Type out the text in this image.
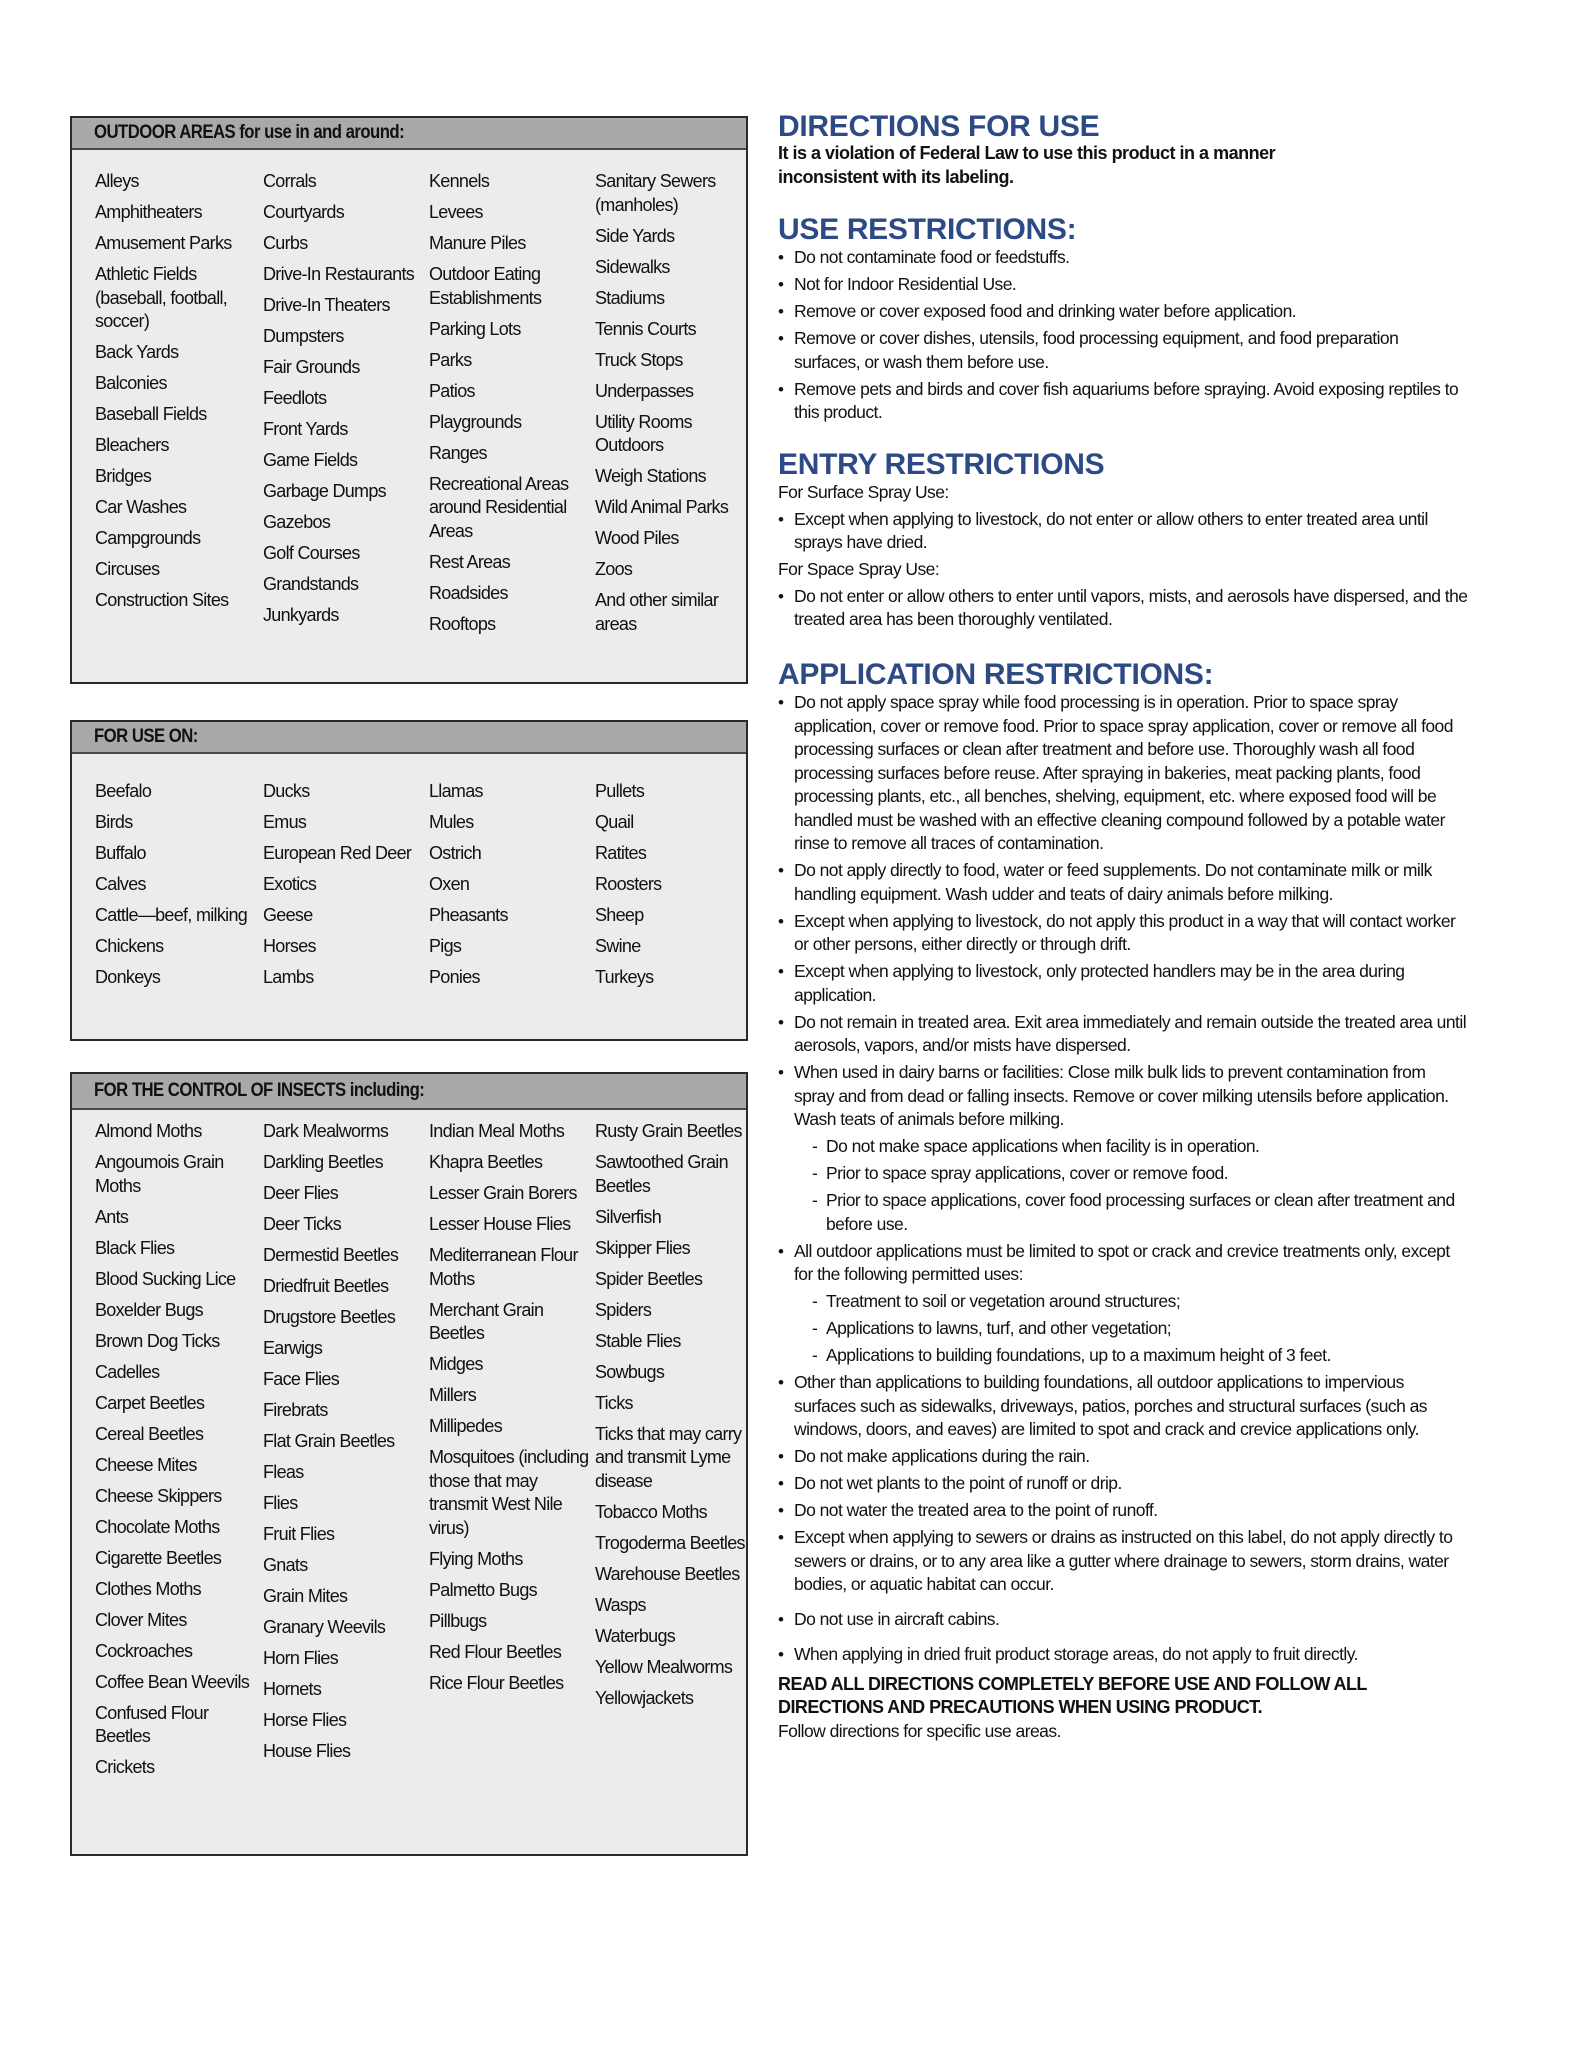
OUTDOOR AREAS for use in and around:
Alleys
Amphitheaters
Amusement Parks
Athletic Fields (baseball, football, soccer)
Back Yards
Balconies
Baseball Fields
Bleachers
Bridges
Car Washes
Campgrounds
Circuses
Construction Sites
Corrals
Courtyards
Curbs
Drive-In Restaurants
Drive-In Theaters
Dumpsters
Fair Grounds
Feedlots
Front Yards
Game Fields
Garbage Dumps
Gazebos
Golf Courses
Grandstands
Junkyards
Kennels
Levees
Manure Piles
Outdoor Eating Establishments
Parking Lots
Parks
Patios
Playgrounds
Ranges
Recreational Areas around Residential Areas
Rest Areas
Roadsides
Rooftops
Sanitary Sewers (manholes)
Side Yards
Sidewalks
Stadiums
Tennis Courts
Truck Stops
Underpasses
Utility Rooms Outdoors
Weigh Stations
Wild Animal Parks
Wood Piles
Zoos
And other similar areas
FOR USE ON:
Beefalo
Birds
Buffalo
Calves
Cattle—beef, milking
Chickens
Donkeys
Ducks
Emus
European Red Deer
Exotics
Geese
Horses
Lambs
Llamas
Mules
Ostrich
Oxen
Pheasants
Pigs
Ponies
Pullets
Quail
Ratites
Roosters
Sheep
Swine
Turkeys
FOR THE CONTROL OF INSECTS including:
Almond Moths
Angoumois Grain Moths
Ants
Black Flies
Blood Sucking Lice
Boxelder Bugs
Brown Dog Ticks
Cadelles
Carpet Beetles
Cereal Beetles
Cheese Mites
Cheese Skippers
Chocolate Moths
Cigarette Beetles
Clothes Moths
Clover Mites
Cockroaches
Coffee Bean Weevils
Confused Flour Beetles
Crickets
Dark Mealworms
Darkling Beetles
Deer Flies
Deer Ticks
Dermestid Beetles
Driedfruit Beetles
Drugstore Beetles
Earwigs
Face Flies
Firebrats
Flat Grain Beetles
Fleas
Flies
Fruit Flies
Gnats
Grain Mites
Granary Weevils
Horn Flies
Hornets
Horse Flies
House Flies
Indian Meal Moths
Khapra Beetles
Lesser Grain Borers
Lesser House Flies
Mediterranean Flour Moths
Merchant Grain Beetles
Midges
Millers
Millipedes
Mosquitoes (including those that may transmit West Nile virus)
Flying Moths
Palmetto Bugs
Pillbugs
Red Flour Beetles
Rice Flour Beetles
Rusty Grain Beetles
Sawtoothed Grain Beetles
Silverfish
Skipper Flies
Spider Beetles
Spiders
Stable Flies
Sowbugs
Ticks
Ticks that may carry and transmit Lyme disease
Tobacco Moths
Trogoderma Beetles
Warehouse Beetles
Wasps
Waterbugs
Yellow Mealworms
Yellowjackets
DIRECTIONS FOR USE
It is a violation of Federal Law to use this product in a manner inconsistent with its labeling.
USE RESTRICTIONS:
• Do not contaminate food or feedstuffs.
• Not for Indoor Residential Use.
• Remove or cover exposed food and drinking water before application.
• Remove or cover dishes, utensils, food processing equipment, and food preparation surfaces, or wash them before use.
• Remove pets and birds and cover fish aquariums before spraying. Avoid exposing reptiles to this product.
ENTRY RESTRICTIONS
For Surface Spray Use:
• Except when applying to livestock, do not enter or allow others to enter treated area until sprays have dried.
For Space Spray Use:
• Do not enter or allow others to enter until vapors, mists, and aerosols have dispersed, and the treated area has been thoroughly ventilated.
APPLICATION RESTRICTIONS:
• Do not apply space spray while food processing is in operation. Prior to space spray application, cover or remove food. Prior to space spray application, cover or remove all food processing surfaces or clean after treatment and before use. Thoroughly wash all food processing surfaces before reuse. After spraying in bakeries, meat packing plants, food processing plants, etc., all benches, shelving, equipment, etc. where exposed food will be handled must be washed with an effective cleaning compound followed by a potable water rinse to remove all traces of contamination.
• Do not apply directly to food, water or feed supplements. Do not contaminate milk or milk handling equipment. Wash udder and teats of dairy animals before milking.
• Except when applying to livestock, do not apply this product in a way that will contact worker or other persons, either directly or through drift.
• Except when applying to livestock, only protected handlers may be in the area during application.
• Do not remain in treated area. Exit area immediately and remain outside the treated area until aerosols, vapors, and/or mists have dispersed.
• When used in dairy barns or facilities: Close milk bulk lids to prevent contamination from spray and from dead or falling insects. Remove or cover milking utensils before application. Wash teats of animals before milking.
- Do not make space applications when facility is in operation.
- Prior to space spray applications, cover or remove food.
- Prior to space applications, cover food processing surfaces or clean after treatment and before use.
• All outdoor applications must be limited to spot or crack and crevice treatments only, except for the following permitted uses:
- Treatment to soil or vegetation around structures;
- Applications to lawns, turf, and other vegetation;
- Applications to building foundations, up to a maximum height of 3 feet.
• Other than applications to building foundations, all outdoor applications to impervious surfaces such as sidewalks, driveways, patios, porches and structural surfaces (such as windows, doors, and eaves) are limited to spot and crack and crevice applications only.
• Do not make applications during the rain.
• Do not wet plants to the point of runoff or drip.
• Do not water the treated area to the point of runoff.
• Except when applying to sewers or drains as instructed on this label, do not apply directly to sewers or drains, or to any area like a gutter where drainage to sewers, storm drains, water bodies, or aquatic habitat can occur.
• Do not use in aircraft cabins.
• When applying in dried fruit product storage areas, do not apply to fruit directly.
READ ALL DIRECTIONS COMPLETELY BEFORE USE AND FOLLOW ALL DIRECTIONS AND PRECAUTIONS WHEN USING PRODUCT.
Follow directions for specific use areas.
